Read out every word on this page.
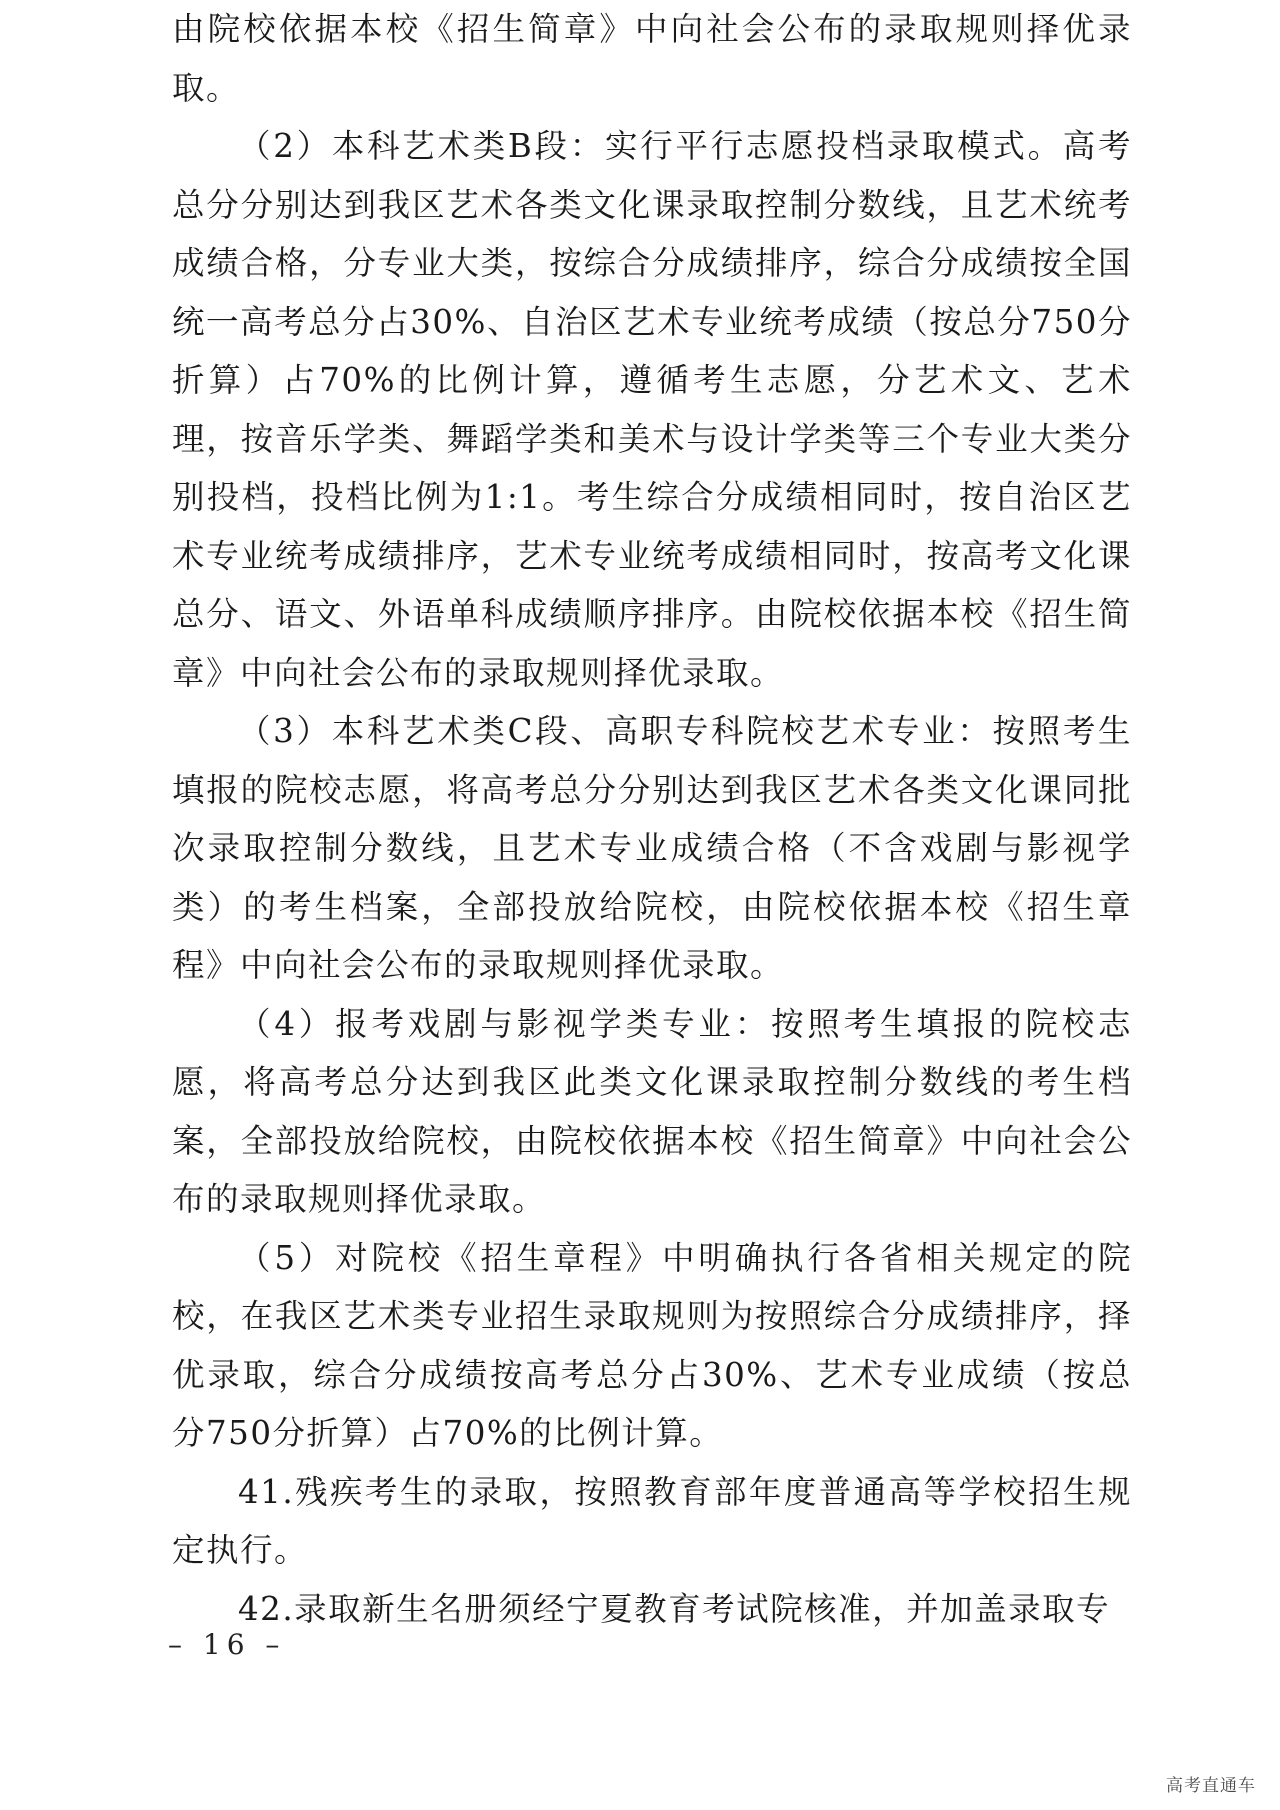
由院校依据本校《招生简章》中向社会公布的录取规则择优录取。

（2）本科艺术类B段：实行平行志愿投档录取模式。高考总分分别达到我区艺术各类文化课录取控制分数线，且艺术统考成绩合格，分专业大类，按综合分成绩排序，综合分成绩按全国统一高考总分占30%、自治区艺术专业统考成绩（按总分750分折算）占70%的比例计算，遵循考生志愿，分艺术文、艺术理，按音乐学类、舞蹈学类和美术与设计学类等三个专业大类分别投档，投档比例为1:1。考生综合分成绩相同时，按自治区艺术专业统考成绩排序，艺术专业统考成绩相同时，按高考文化课总分、语文、外语单科成绩顺序排序。由院校依据本校《招生简章》中向社会公布的录取规则择优录取。

（3）本科艺术类C段、高职专科院校艺术专业：按照考生填报的院校志愿，将高考总分分别达到我区艺术各类文化课同批次录取控制分数线，且艺术专业成绩合格（不含戏剧与影视学类）的考生档案，全部投放给院校，由院校依据本校《招生章程》中向社会公布的录取规则择优录取。

（4）报考戏剧与影视学类专业：按照考生填报的院校志愿，将高考总分达到我区此类文化课录取控制分数线的考生档案，全部投放给院校，由院校依据本校《招生简章》中向社会公布的录取规则择优录取。

（5）对院校《招生章程》中明确执行各省相关规定的院校，在我区艺术类专业招生录取规则为按照综合分成绩排序，择优录取，综合分成绩按高考总分占30%、艺术专业成绩（按总分750分折算）占70%的比例计算。

41.残疾考生的录取，按照教育部年度普通高等学校招生规定执行。

42.录取新生名册须经宁夏教育考试院核准，并加盖录取专

– 16 –
高考直通车
